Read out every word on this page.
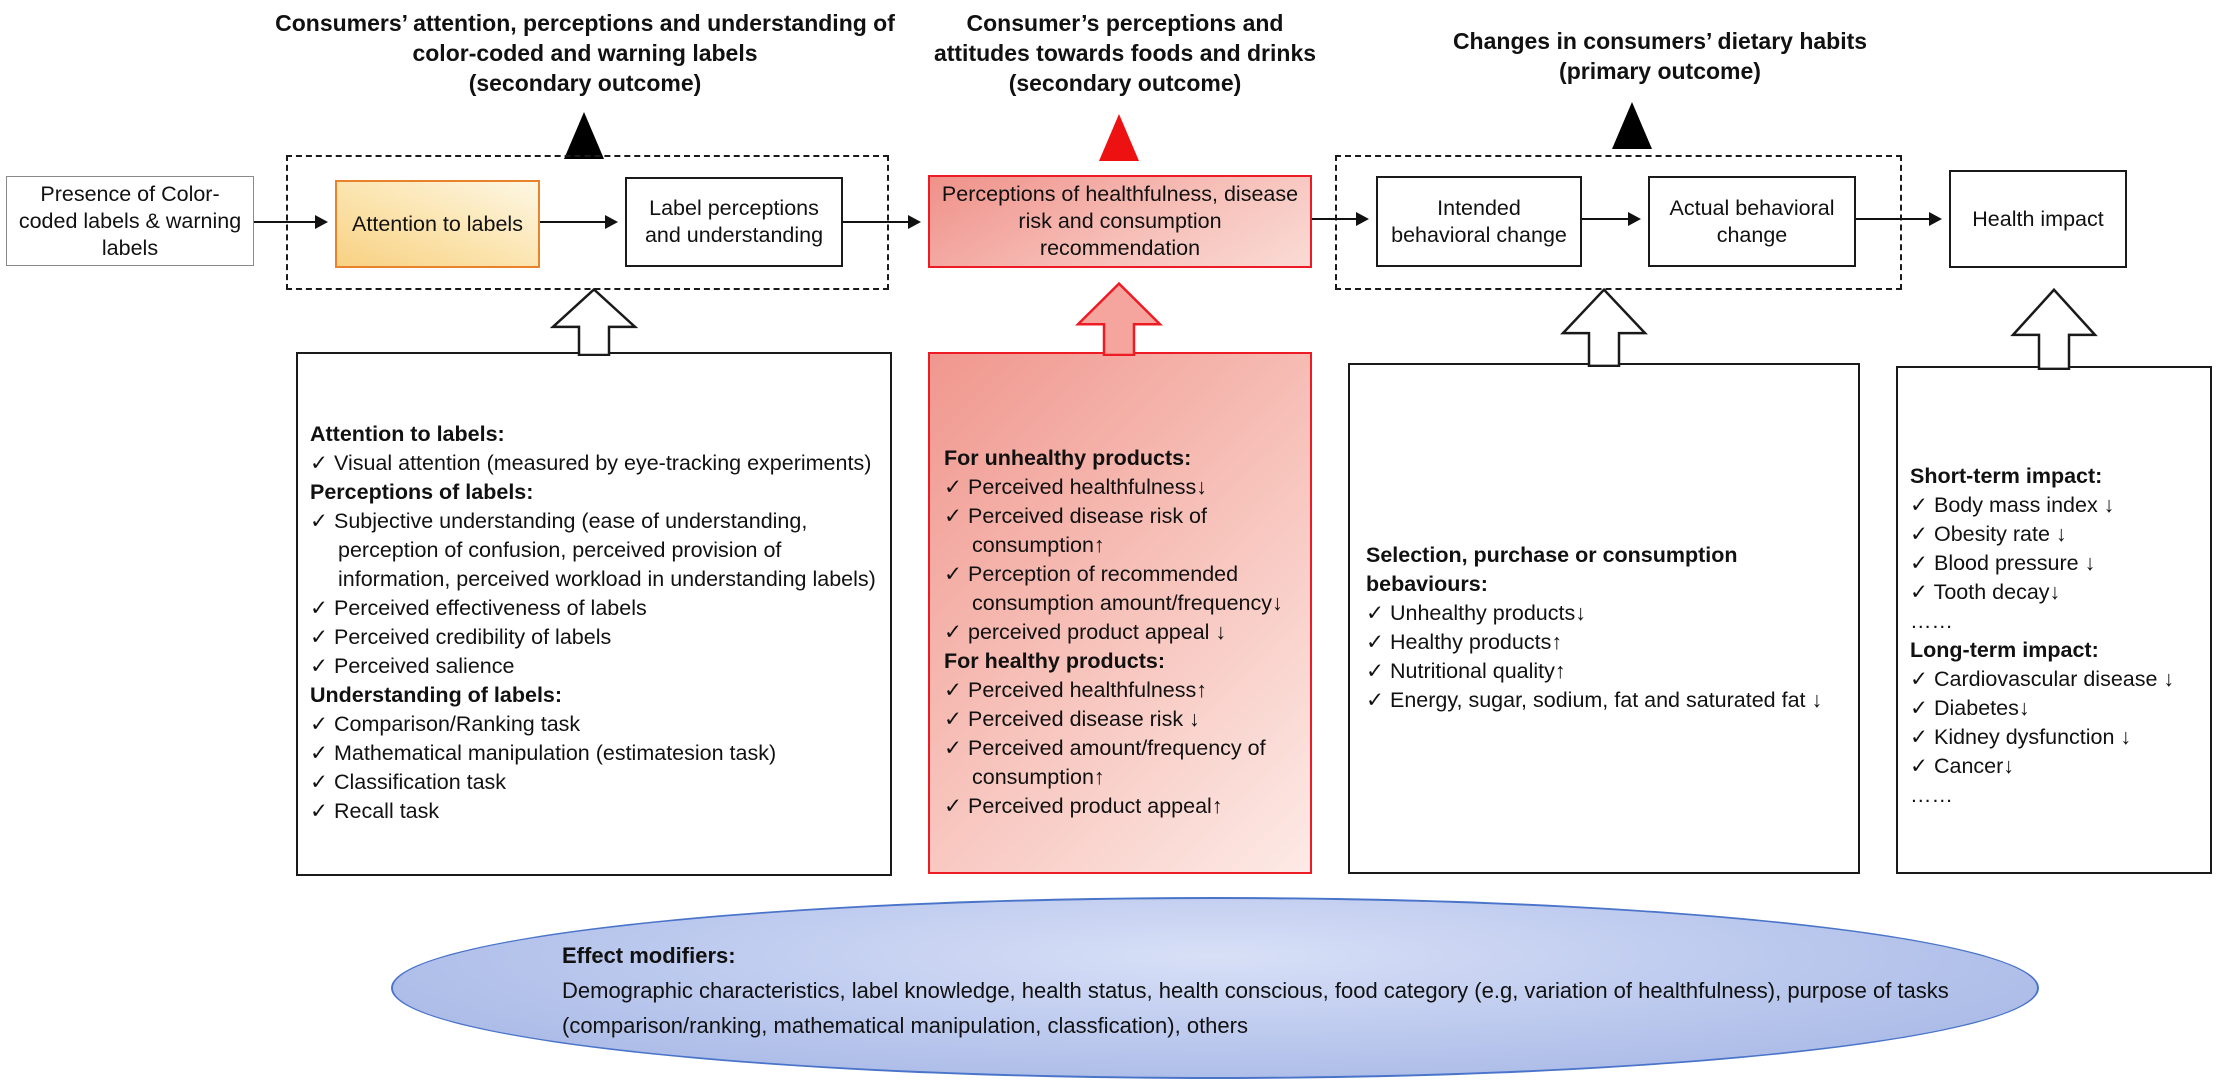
Consumers’ attention, perceptions and understanding of
color-coded and warning labels
(secondary outcome)
Consumer’s perceptions and
attitudes towards foods and drinks
(secondary outcome)
Changes in consumers’ dietary habits
(primary outcome)
Presence of Color-coded labels & warning labels
Attention to labels
Label perceptions and understanding
Perceptions of healthfulness, disease risk and consumption recommendation
Intended behavioral change
Actual behavioral change
Health impact
Attention to labels:
✓ Visual attention (measured by eye-tracking experiments)
Perceptions of labels:
✓ Subjective understanding (ease of understanding, perception of confusion, perceived provision of information, perceived workload in understanding labels)
✓ Perceived effectiveness of labels
✓ Perceived credibility of labels
✓ Perceived salience
Understanding of labels:
✓ Comparison/Ranking task
✓ Mathematical manipulation (estimatesion task)
✓ Classification task
✓ Recall task
For unhealthy products:
✓ Perceived healthfulness↓
✓ Perceived disease risk of consumption↑
✓ Perception of recommended consumption amount/frequency↓
✓ perceived product appeal ↓
For healthy products:
✓ Perceived healthfulness↑
✓ Perceived disease risk ↓
✓ Perceived amount/frequency of consumption↑
✓ Perceived product appeal↑
Selection, purchase or consumption
bebaviours:
✓ Unhealthy products↓
✓ Healthy products↑
✓ Nutritional quality↑
✓ Energy, sugar, sodium, fat and saturated fat ↓
Short-term impact:
✓ Body mass index ↓
✓ Obesity rate ↓
✓ Blood pressure ↓
✓ Tooth decay↓
……
Long-term impact:
✓ Cardiovascular disease ↓
✓ Diabetes↓
✓ Kidney dysfunction ↓
✓ Cancer↓
……
Effect modifiers:
Demographic characteristics, label knowledge, health status, health conscious, food category (e.g, variation of healthfulness), purpose of tasks (comparison/ranking, mathematical manipulation, classfication), others
